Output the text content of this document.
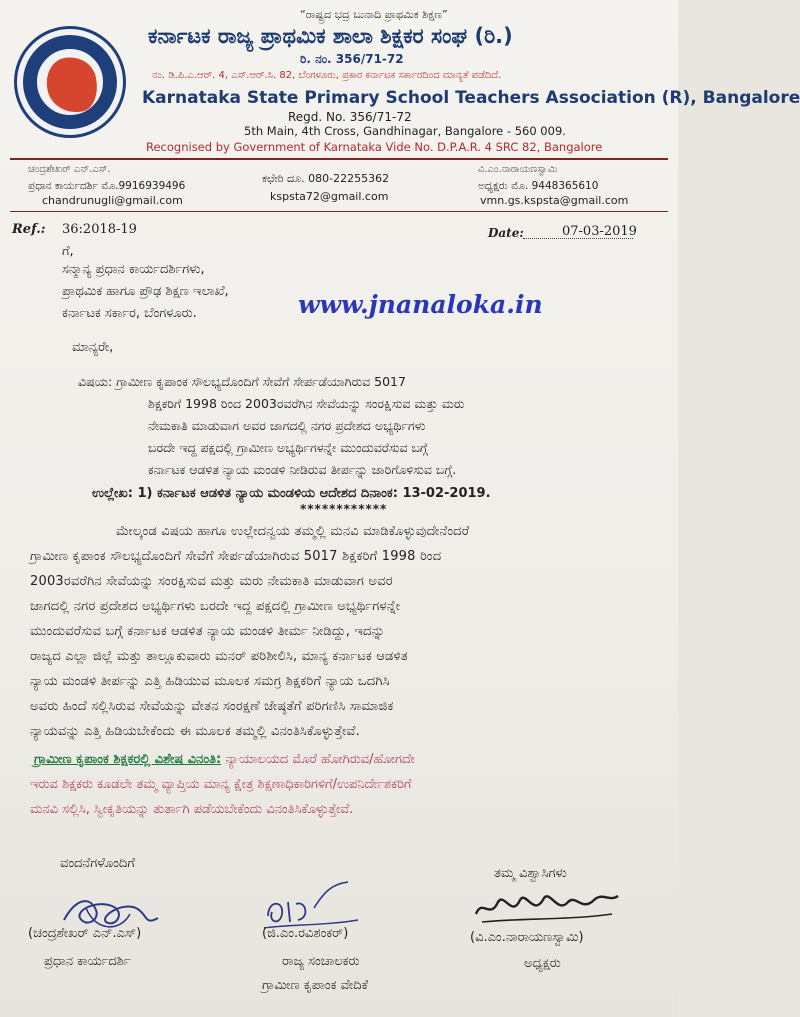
“ರಾಷ್ಟ್ರದ ಭದ್ರ ಬುನಾದಿ ಪ್ರಾಥಮಿಕ ಶಿಕ್ಷಣ”
ಕರ್ನಾಟಕ ರಾಜ್ಯ ಪ್ರಾಥಮಿಕ ಶಾಲಾ ಶಿಕ್ಷಕರ ಸಂಘ (ರಿ.)
ರಿ. ನಂ. 356/71-72
ನಂ. ಡಿ.ಪಿ.ಎ.ಆರ್. 4, ಎಸ್.ಆರ್.ಸಿ. 82, ಬೆಂಗಳೂರು, ಪ್ರಕಾರ ಕರ್ನಾಟಕ ಸರ್ಕಾರದಿಂದ ಮಾನ್ಯತೆ ಪಡೆದಿದೆ.
Karnataka State Primary School Teachers Association (R), Bangalore
Regd. No. 356/71-72
5th Main, 4th Cross, Gandhinagar, Bangalore - 560 009.
Recognised by Government of Karnataka Vide No. D.P.A.R. 4 SRC 82, Bangalore
ಚಂದ್ರಶೇಖರ್ ಎನ್.ಎಸ್.
ಪ್ರಧಾನ ಕಾರ್ಯದರ್ಶಿ ಮೊ.9916939496
chandrunugli@gmail.com
ಕಛೇರಿ ದೂ. 080-22255362
kspsta72@gmail.com
ವಿ.ಎಂ.ನಾರಾಯಣಸ್ವಾಮಿ
ಅಧ್ಯಕ್ಷರು ಮೊ. 9448365610
vmn.gs.kspsta@gmail.com
Ref.: 36:2018-19	Date:	07-03-2019
ಗೆ,
ಸನ್ಮಾನ್ಯ ಪ್ರಧಾನ ಕಾರ್ಯದರ್ಶಿಗಳು,
ಪ್ರಾಥಮಿಕ ಹಾಗೂ ಪ್ರೌಢ ಶಿಕ್ಷಣ ಇಲಾಖೆ,
ಕರ್ನಾಟಕ ಸರ್ಕಾರ, ಬೆಂಗಳೂರು.	www.jnanaloka.in
ಮಾನ್ಯರೇ,
ವಿಷಯ: ಗ್ರಾಮೀಣ ಕೃಪಾಂಕ ಸೌಲಭ್ಯದೊಂದಿಗೆ ಸೇವೆಗೆ ಸೇರ್ಪಡೆಯಾಗಿರುವ 5017
ಶಿಕ್ಷಕರಿಗೆ 1998 ರಿಂದ 2003ರವರೆಗಿನ ಸೇವೆಯನ್ನು ಸಂರಕ್ಷಿಸುವ ಮತ್ತು ಮರು
ನೇಮಕಾತಿ ಮಾಡುವಾಗ ಅವರ ಜಾಗದಲ್ಲಿ ನಗರ ಪ್ರದೇಶದ ಅಭ್ಯರ್ಥಿಗಳು
ಬರದೇ ಇದ್ದ ಪಕ್ಷದಲ್ಲಿ ಗ್ರಾಮೀಣ ಅಭ್ಯರ್ಥಿಗಳನ್ನೇ ಮುಂದುವರೆಸುವ ಬಗ್ಗೆ
ಕರ್ನಾಟಕ ಆಡಳಿತ ನ್ಯಾಯ ಮಂಡಳಿ ನೀಡಿರುವ ತೀರ್ಪನ್ನು ಜಾರಿಗೊಳಿಸುವ ಬಗ್ಗೆ.
ಉಲ್ಲೇಖ: 1) ಕರ್ನಾಟಕ ಆಡಳಿತ ನ್ಯಾಯ ಮಂಡಳಿಯ ಆದೇಶದ ದಿನಾಂಕ: 13-02-2019.
************
ಮೇಲ್ಕಂಡ ವಿಷಯ ಹಾಗೂ ಉಲ್ಲೇದನ್ವಯ ತಮ್ಮಲ್ಲಿ ಮನವಿ ಮಾಡಿಕೊಳ್ಳುವುದೇನೆಂದರೆ
ಗ್ರಾಮೀಣ ಕೃಪಾಂಕ ಸೌಲಭ್ಯದೊಂದಿಗೆ ಸೇವೆಗೆ ಸೇರ್ಪಡೆಯಾಗಿರುವ 5017 ಶಿಕ್ಷಕರಿಗೆ 1998 ರಿಂದ
2003ರವರೆಗಿನ ಸೇವೆಯನ್ನು ಸಂರಕ್ಷಿಸುವ ಮತ್ತು ಮರು ನೇಮಕಾತಿ ಮಾಡುವಾಗ ಅವರ
ಜಾಗದಲ್ಲಿ ನಗರ ಪ್ರದೇಶದ ಅಭ್ಯರ್ಥಿಗಳು ಬರದೇ ಇದ್ದ ಪಕ್ಷದಲ್ಲಿ ಗ್ರಾಮೀಣ ಅಭ್ಯರ್ಥಿಗಳನ್ನೇ
ಮುಂದುವರೆಸುವ ಬಗ್ಗೆ ಕರ್ನಾಟಕ ಆಡಳಿತ ನ್ಯಾಯ ಮಂಡಳಿ ತೀರ್ಮ ನೀಡಿದ್ದು, ಇದನ್ನು
ರಾಜ್ಯದ ಎಲ್ಲಾ ಜಿಲ್ಲೆ ಮತ್ತು ತಾಲ್ಲೂಕುವಾರು ಮನರ್ ಪರಿಶೀಲಿಸಿ, ಮಾನ್ಯ ಕರ್ನಾಟಕ ಆಡಳಿತ
ನ್ಯಾಯ ಮಂಡಳಿ ತೀರ್ಪನ್ನು ಎತ್ತಿ ಹಿಡಿಯುವ ಮೂಲಕ ಸಮಗ್ರ ಶಿಕ್ಷಕರಿಗೆ ನ್ಯಾಯ ಒದಗಿಸಿ
ಅವರು ಹಿಂದೆ ಸಲ್ಲಿಸಿರುವ ಸೇವೆಯನ್ನು ವೇತನ ಸಂರಕ್ಷಣೆ ಜೇಷ್ಠತೆಗೆ ಪರಿಗಣಿಸಿ ಸಾಮಾಜಿಕ
ನ್ಯಾಯವನ್ನು ಎತ್ತಿ ಹಿಡಿಯಬೇಕೆಂದು ಈ ಮೂಲಕ ತಮ್ಮಲ್ಲಿ ವಿನಂತಿಸಿಕೊಳ್ಳುತ್ತೇವೆ.
ಗ್ರಾಮೀಣ ಕೃಪಾಂಕ ಶಿಕ್ಷಕರಲ್ಲಿ ವಿಶೇಷ ವಿನಂತಿ: ನ್ಯಾಯಾಲಯದ ಮೊರೆ ಹೋಗಿರುವ/ಹೋಗದೇ
ಇರುವ ಶಿಕ್ಷಕರು ಕೂಡಲೇ ತಮ್ಮ ವ್ಯಾಪ್ತಿಯ ಮಾನ್ಯ ಕ್ಷೇತ್ರ ಶಿಕ್ಷಣಾಧಿಕಾರಿಗಳಿಗೆ/ಉಪನಿರ್ದೇಶಕರಿಗೆ
ಮನವಿ ಸಲ್ಲಿಸಿ, ಸ್ವೀಕೃತಿಯನ್ನು ತುರ್ತಾಗಿ ಪಡೆಯಬೇಕೆಂದು ವಿನಂತಿಸಿಕೊಳ್ಳುತ್ತೇವೆ.
ವಂದನೆಗಳೊಂದಿಗೆ
ತಮ್ಮ ವಿಶ್ವಾಸಿಗಳು
(ಚಂದ್ರಶೇಖರ್ ಎನ್.ಎಸ್)
ಪ್ರಧಾನ ಕಾರ್ಯದರ್ಶಿ
(ಜಿ.ಎಂ.ರವಿಶಂಕರ್)
ರಾಜ್ಯ ಸಂಚಾಲಕರು
ಗ್ರಾಮೀಣ ಕೃಪಾಂಕ ವೇದಿಕೆ
(ವಿ.ಎಂ.ನಾರಾಯಣಸ್ವಾಮಿ)
ಅಧ್ಯಕ್ಷರು
